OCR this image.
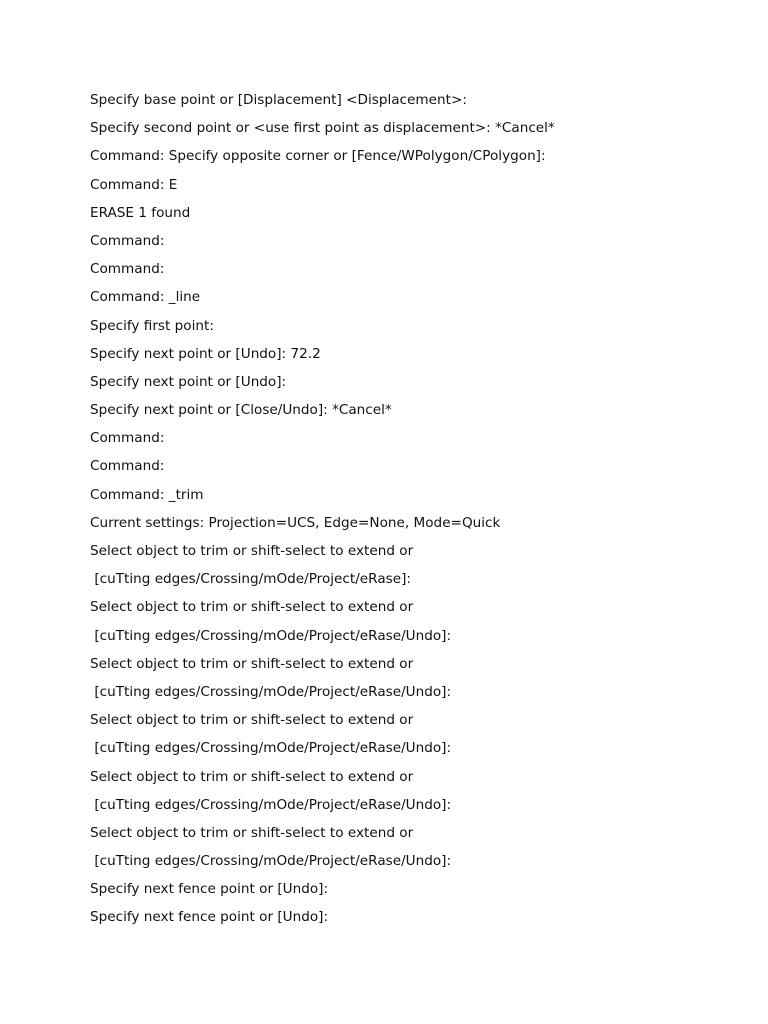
Specify base point or [Displacement] <Displacement>:
Specify second point or <use first point as displacement>: *Cancel*
Command: Specify opposite corner or [Fence/WPolygon/CPolygon]:
Command: E
ERASE 1 found
Command:
Command:
Command: _line
Specify first point:
Specify next point or [Undo]: 72.2
Specify next point or [Undo]:
Specify next point or [Close/Undo]: *Cancel*
Command:
Command:
Command: _trim
Current settings: Projection=UCS, Edge=None, Mode=Quick
Select object to trim or shift-select to extend or
[cuTting edges/Crossing/mOde/Project/eRase]:
Select object to trim or shift-select to extend or
[cuTting edges/Crossing/mOde/Project/eRase/Undo]:
Select object to trim or shift-select to extend or
[cuTting edges/Crossing/mOde/Project/eRase/Undo]:
Select object to trim or shift-select to extend or
[cuTting edges/Crossing/mOde/Project/eRase/Undo]:
Select object to trim or shift-select to extend or
[cuTting edges/Crossing/mOde/Project/eRase/Undo]:
Select object to trim or shift-select to extend or
[cuTting edges/Crossing/mOde/Project/eRase/Undo]:
Specify next fence point or [Undo]:
Specify next fence point or [Undo]:
